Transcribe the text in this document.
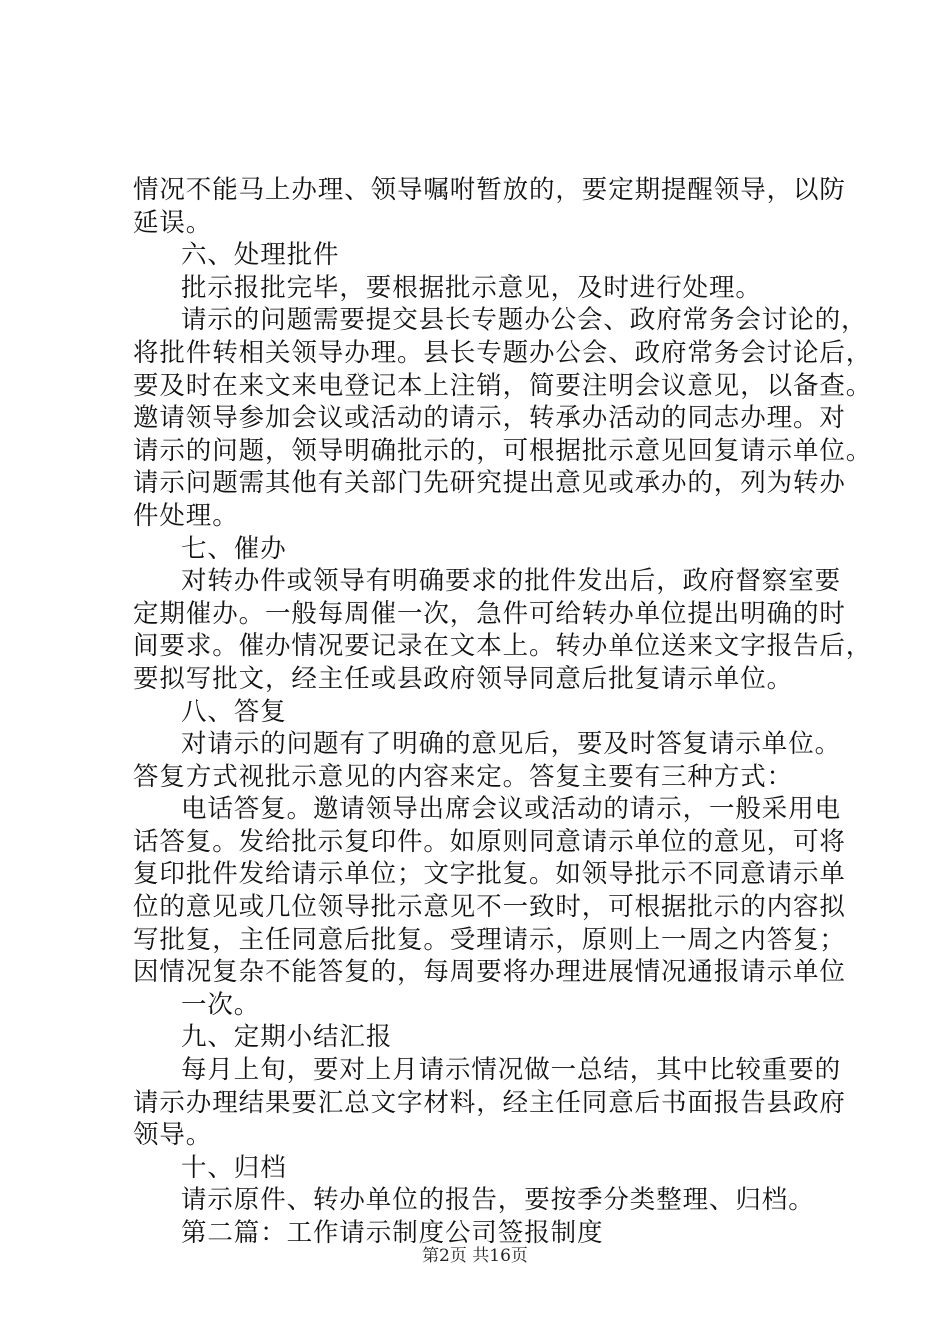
情况不能马上办理、领导嘱咐暂放的，要定期提醒领导，以防
延误。
六、处理批件
批示报批完毕，要根据批示意见，及时进行处理。
请示的问题需要提交县长专题办公会、政府常务会讨论的，
将批件转相关领导办理。县长专题办公会、政府常务会讨论后，
要及时在来文来电登记本上注销，简要注明会议意见，以备查。
邀请领导参加会议或活动的请示，转承办活动的同志办理。对
请示的问题，领导明确批示的，可根据批示意见回复请示单位。
请示问题需其他有关部门先研究提出意见或承办的，列为转办
件处理。
七、催办
对转办件或领导有明确要求的批件发出后，政府督察室要
定期催办。一般每周催一次，急件可给转办单位提出明确的时
间要求。催办情况要记录在文本上。转办单位送来文字报告后，
要拟写批文，经主任或县政府领导同意后批复请示单位。
八、答复
对请示的问题有了明确的意见后，要及时答复请示单位。
答复方式视批示意见的内容来定。答复主要有三种方式：
电话答复。邀请领导出席会议或活动的请示，一般采用电
话答复。发给批示复印件。如原则同意请示单位的意见，可将
复印批件发给请示单位；文字批复。如领导批示不同意请示单
位的意见或几位领导批示意见不一致时，可根据批示的内容拟
写批复，主任同意后批复。受理请示，原则上一周之内答复；
因情况复杂不能答复的，每周要将办理进展情况通报请示单位
一次。
九、定期小结汇报
每月上旬，要对上月请示情况做一总结，其中比较重要的
请示办理结果要汇总文字材料，经主任同意后书面报告县政府
领导。
十、归档
请示原件、转办单位的报告，要按季分类整理、归档。
第二篇：工作请示制度公司签报制度
第2页 共16页
